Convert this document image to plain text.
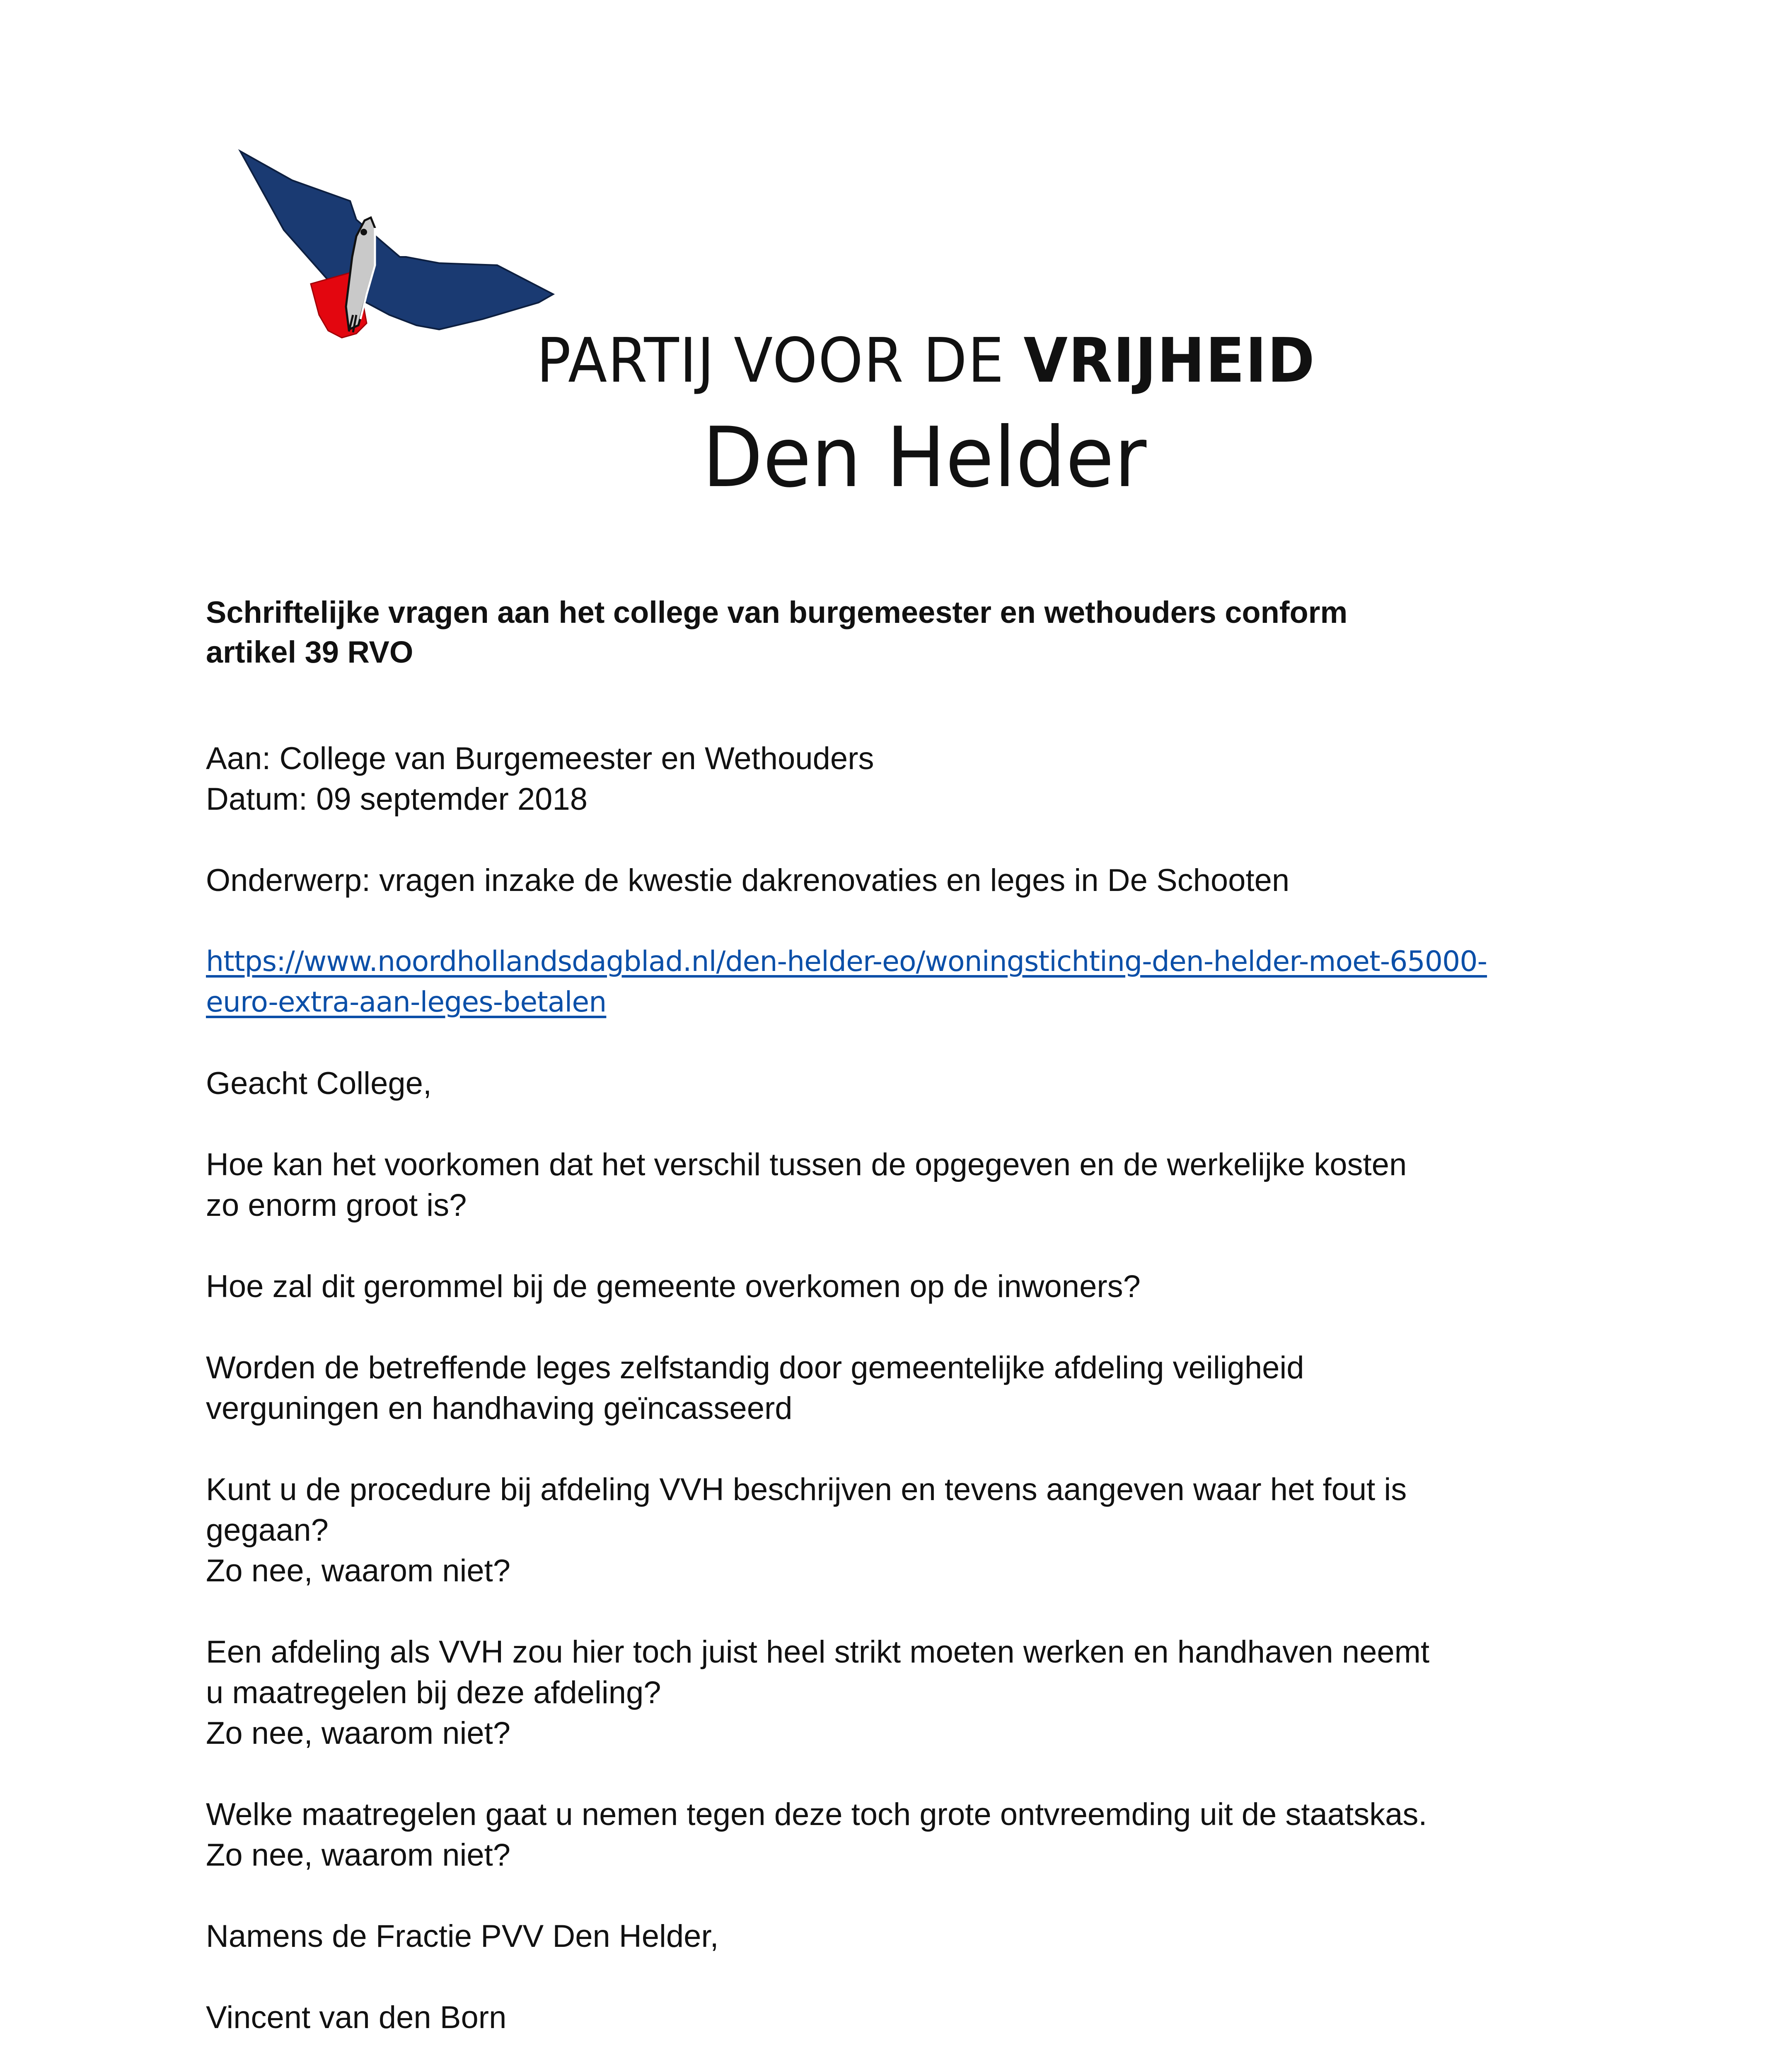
PARTIJ VOOR DE VRIJHEID
Den Helder

Schriftelijke vragen aan het college van burgemeester en wethouders conform

artikel 39 RVO

Aan: College van Burgemeester en Wethouders

Datum: 09 septemder 2018

Onderwerp: vragen inzake de kwestie dakrenovaties en leges in De Schooten

https://www.noordhollandsdagblad.nl/den-helder-eo/woningstichting-den-helder-moet-65000-
euro-extra-aan-leges-betalen

Geacht College,

Hoe kan het voorkomen dat het verschil tussen de opgegeven en de werkelijke kosten

zo enorm groot is?

Hoe zal dit gerommel bij de gemeente overkomen op de inwoners?

Worden de betreffende leges zelfstandig door gemeentelijke afdeling veiligheid

verguningen en handhaving geïncasseerd

Kunt u de procedure bij afdeling VVH beschrijven en tevens aangeven waar het fout is

gegaan?

Zo nee, waarom niet?

Een afdeling als VVH zou hier toch juist heel strikt moeten werken en handhaven neemt

u maatregelen bij deze afdeling?

Zo nee, waarom niet?

Welke maatregelen gaat u nemen tegen deze toch grote ontvreemding uit de staatskas.

Zo nee, waarom niet?

Namens de Fractie PVV Den Helder,

Vincent van den Born
